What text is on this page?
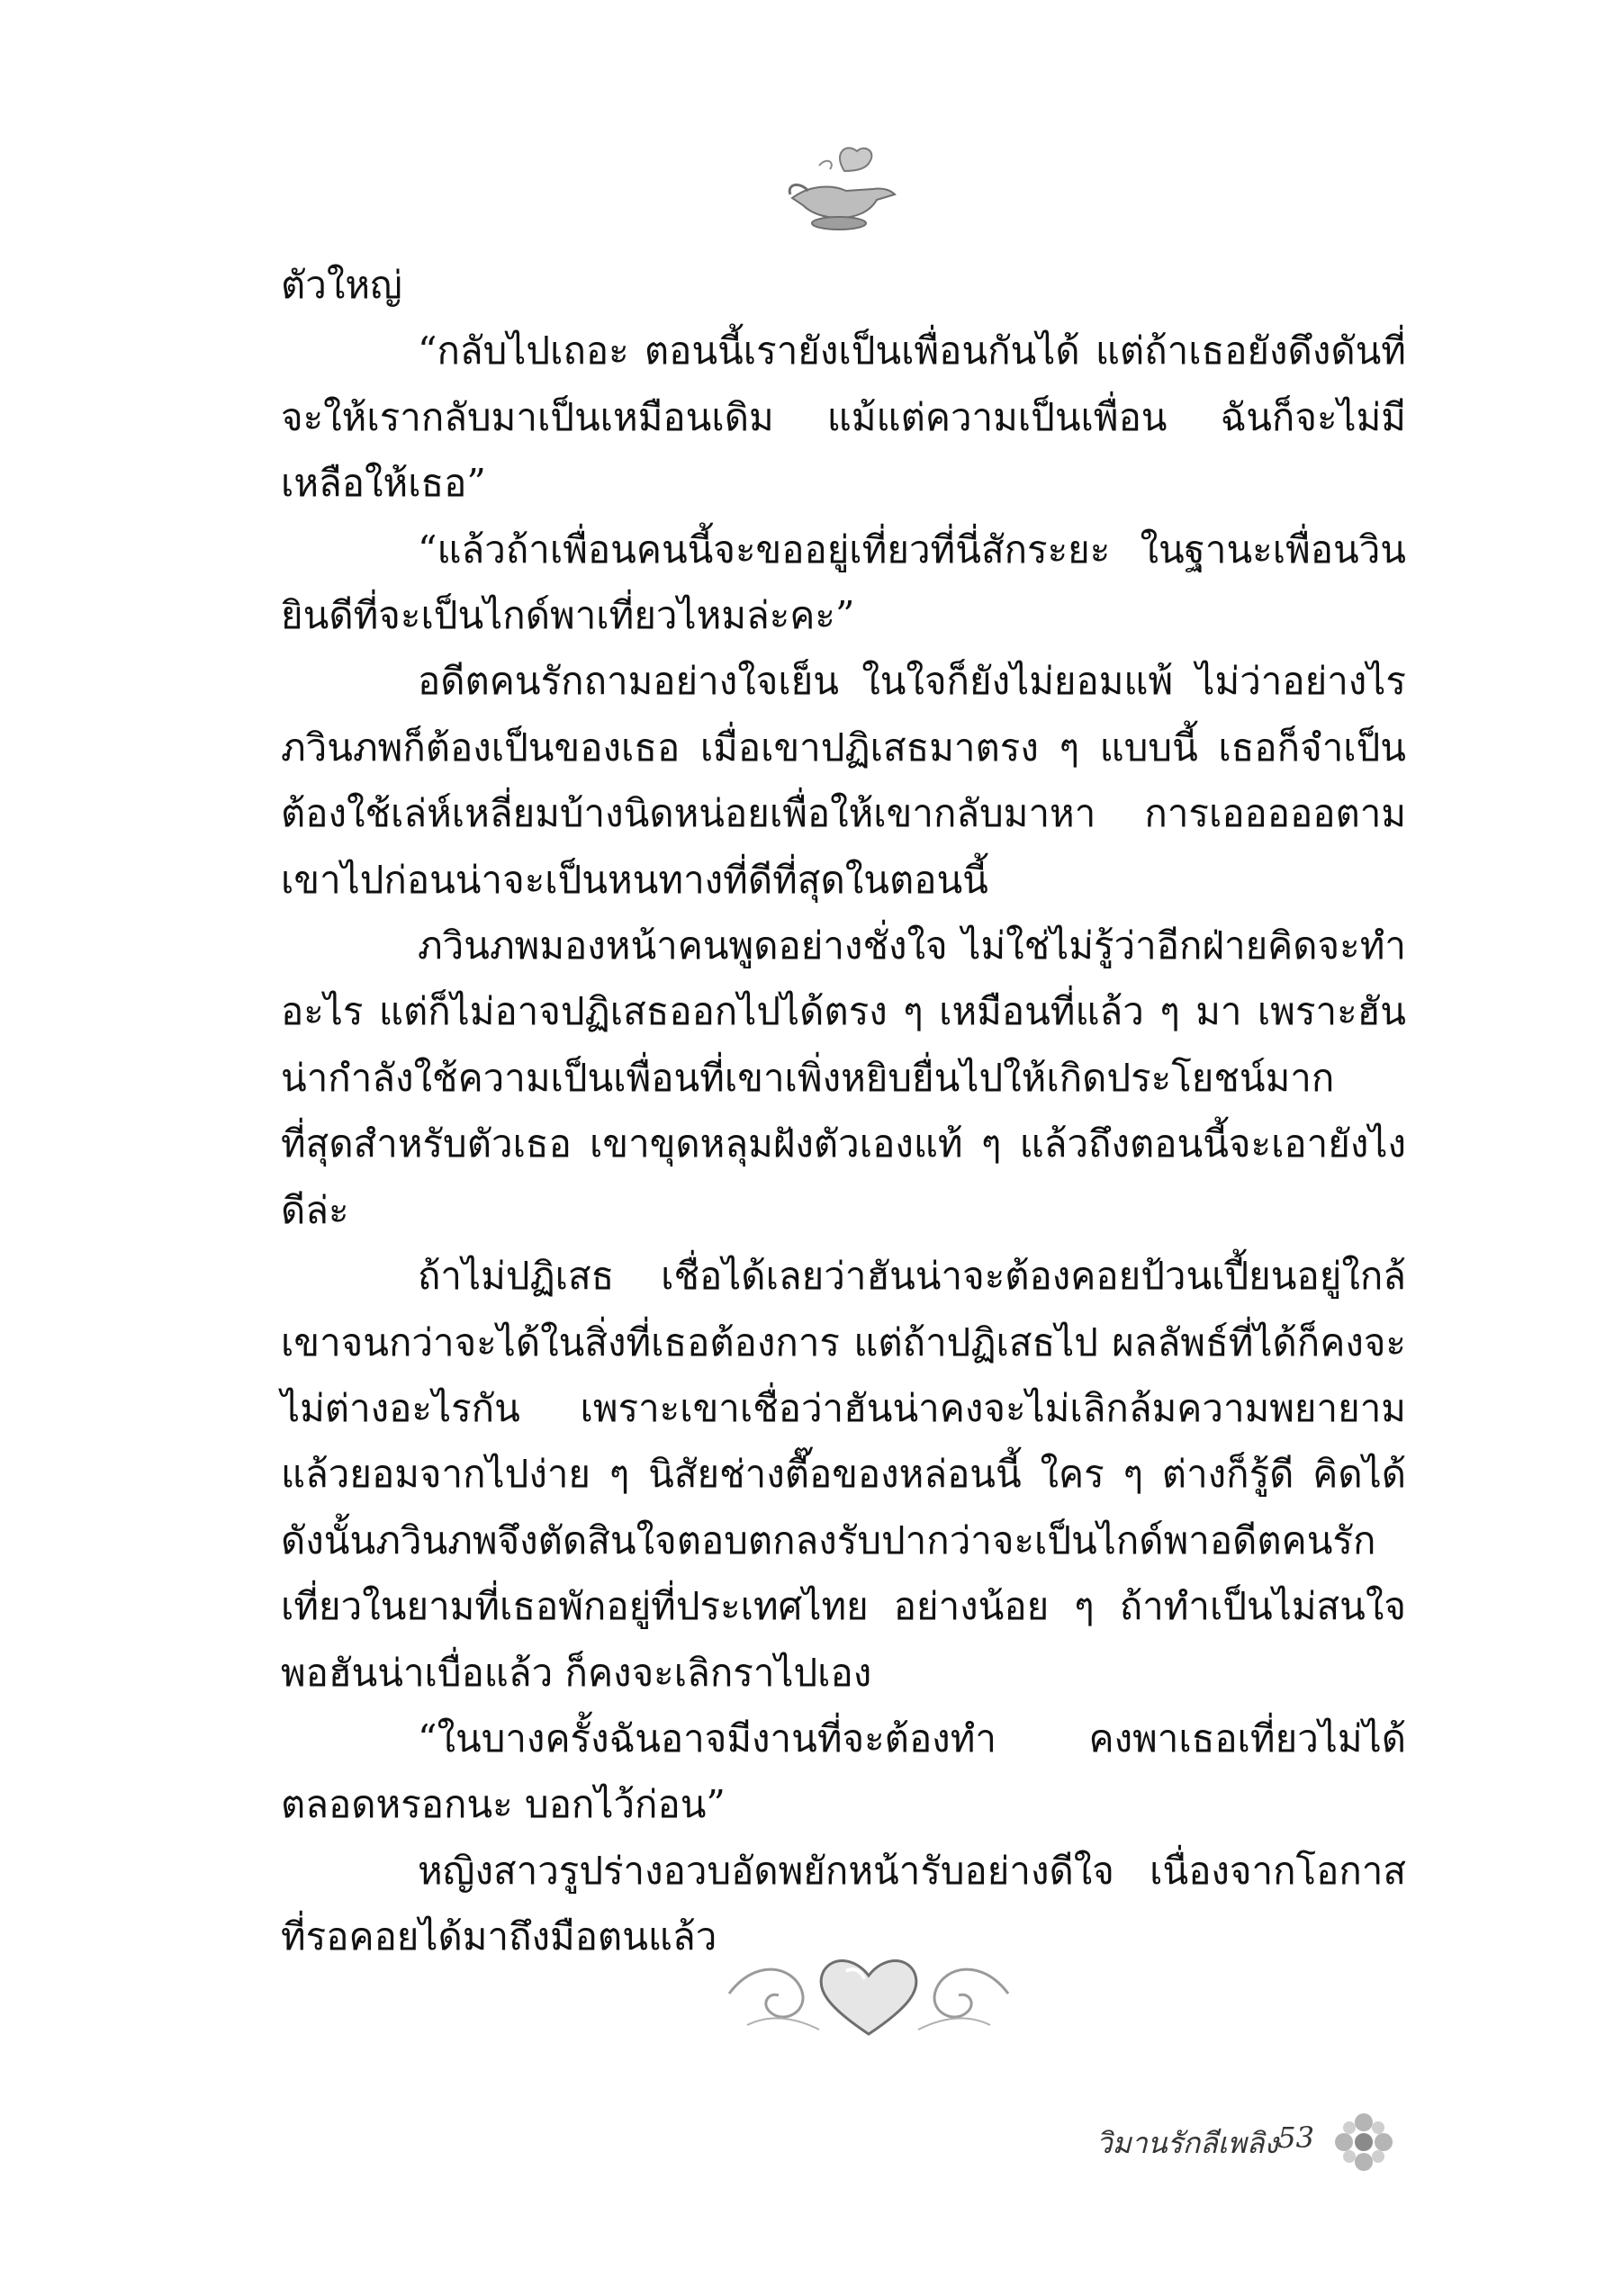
ตัวใหญ่

“กลับไปเถอะ ตอนนี้เรายังเป็นเพื่อนกันได้ แต่ถ้าเธอยังดึงดันที่จะให้เรากลับมาเป็นเหมือนเดิม แม้แต่ความเป็นเพื่อน ฉันก็จะไม่มีเหลือให้เธอ”

“แล้วถ้าเพื่อนคนนี้จะขออยู่เที่ยวที่นี่สักระยะ ในฐานะเพื่อนวินยินดีที่จะเป็นไกด์พาเที่ยวไหมล่ะคะ”

อดีตคนรักถามอย่างใจเย็น ในใจก็ยังไม่ยอมแพ้ ไม่ว่าอย่างไรภวินภพก็ต้องเป็นของเธอ เมื่อเขาปฏิเสธมาตรง ๆ แบบนี้ เธอก็จำเป็นต้องใช้เล่ห์เหลี่ยมบ้างนิดหน่อยเพื่อให้เขากลับมาหา การเอออออตามเขาไปก่อนน่าจะเป็นหนทางที่ดีที่สุดในตอนนี้

ภวินภพมองหน้าคนพูดอย่างชั่งใจ ไม่ใช่ไม่รู้ว่าอีกฝ่ายคิดจะทำอะไร แต่ก็ไม่อาจปฏิเสธออกไปได้ตรง ๆ เหมือนที่แล้ว ๆ มา เพราะฮันน่ากำลังใช้ความเป็นเพื่อนที่เขาเพิ่งหยิบยื่นไปให้เกิดประโยชน์มากที่สุดสำหรับตัวเธอ เขาขุดหลุมฝังตัวเองแท้ ๆ แล้วถึงตอนนี้จะเอายังไงดีล่ะ

ถ้าไม่ปฏิเสธ เชื่อได้เลยว่าฮันน่าจะต้องคอยป้วนเปี้ยนอยู่ใกล้เขาจนกว่าจะได้ในสิ่งที่เธอต้องการ แต่ถ้าปฏิเสธไป ผลลัพธ์ที่ได้ก็คงจะไม่ต่างอะไรกัน เพราะเขาเชื่อว่าฮันน่าคงจะไม่เลิกล้มความพยายาม แล้วยอมจากไปง่าย ๆ นิสัยช่างตื๊อของหล่อนนี้ ใคร ๆ ต่างก็รู้ดี คิดได้ดังนั้นภวินภพจึงตัดสินใจตอบตกลงรับปากว่าจะเป็นไกด์พาอดีตคนรักเที่ยวในยามที่เธอพักอยู่ที่ประเทศไทย อย่างน้อย ๆ ถ้าทำเป็นไม่สนใจ พอฮันน่าเบื่อแล้ว ก็คงจะเลิกราไปเอง

“ในบางครั้งฉันอาจมีงานที่จะต้องทำ คงพาเธอเที่ยวไม่ได้ตลอดหรอกนะ บอกไว้ก่อน”

หญิงสาวรูปร่างอวบอัดพยักหน้ารับอย่างดีใจ เนื่องจากโอกาสที่รอคอยได้มาถึงมือตนแล้ว

วิมานรักลีเพลิง 53
